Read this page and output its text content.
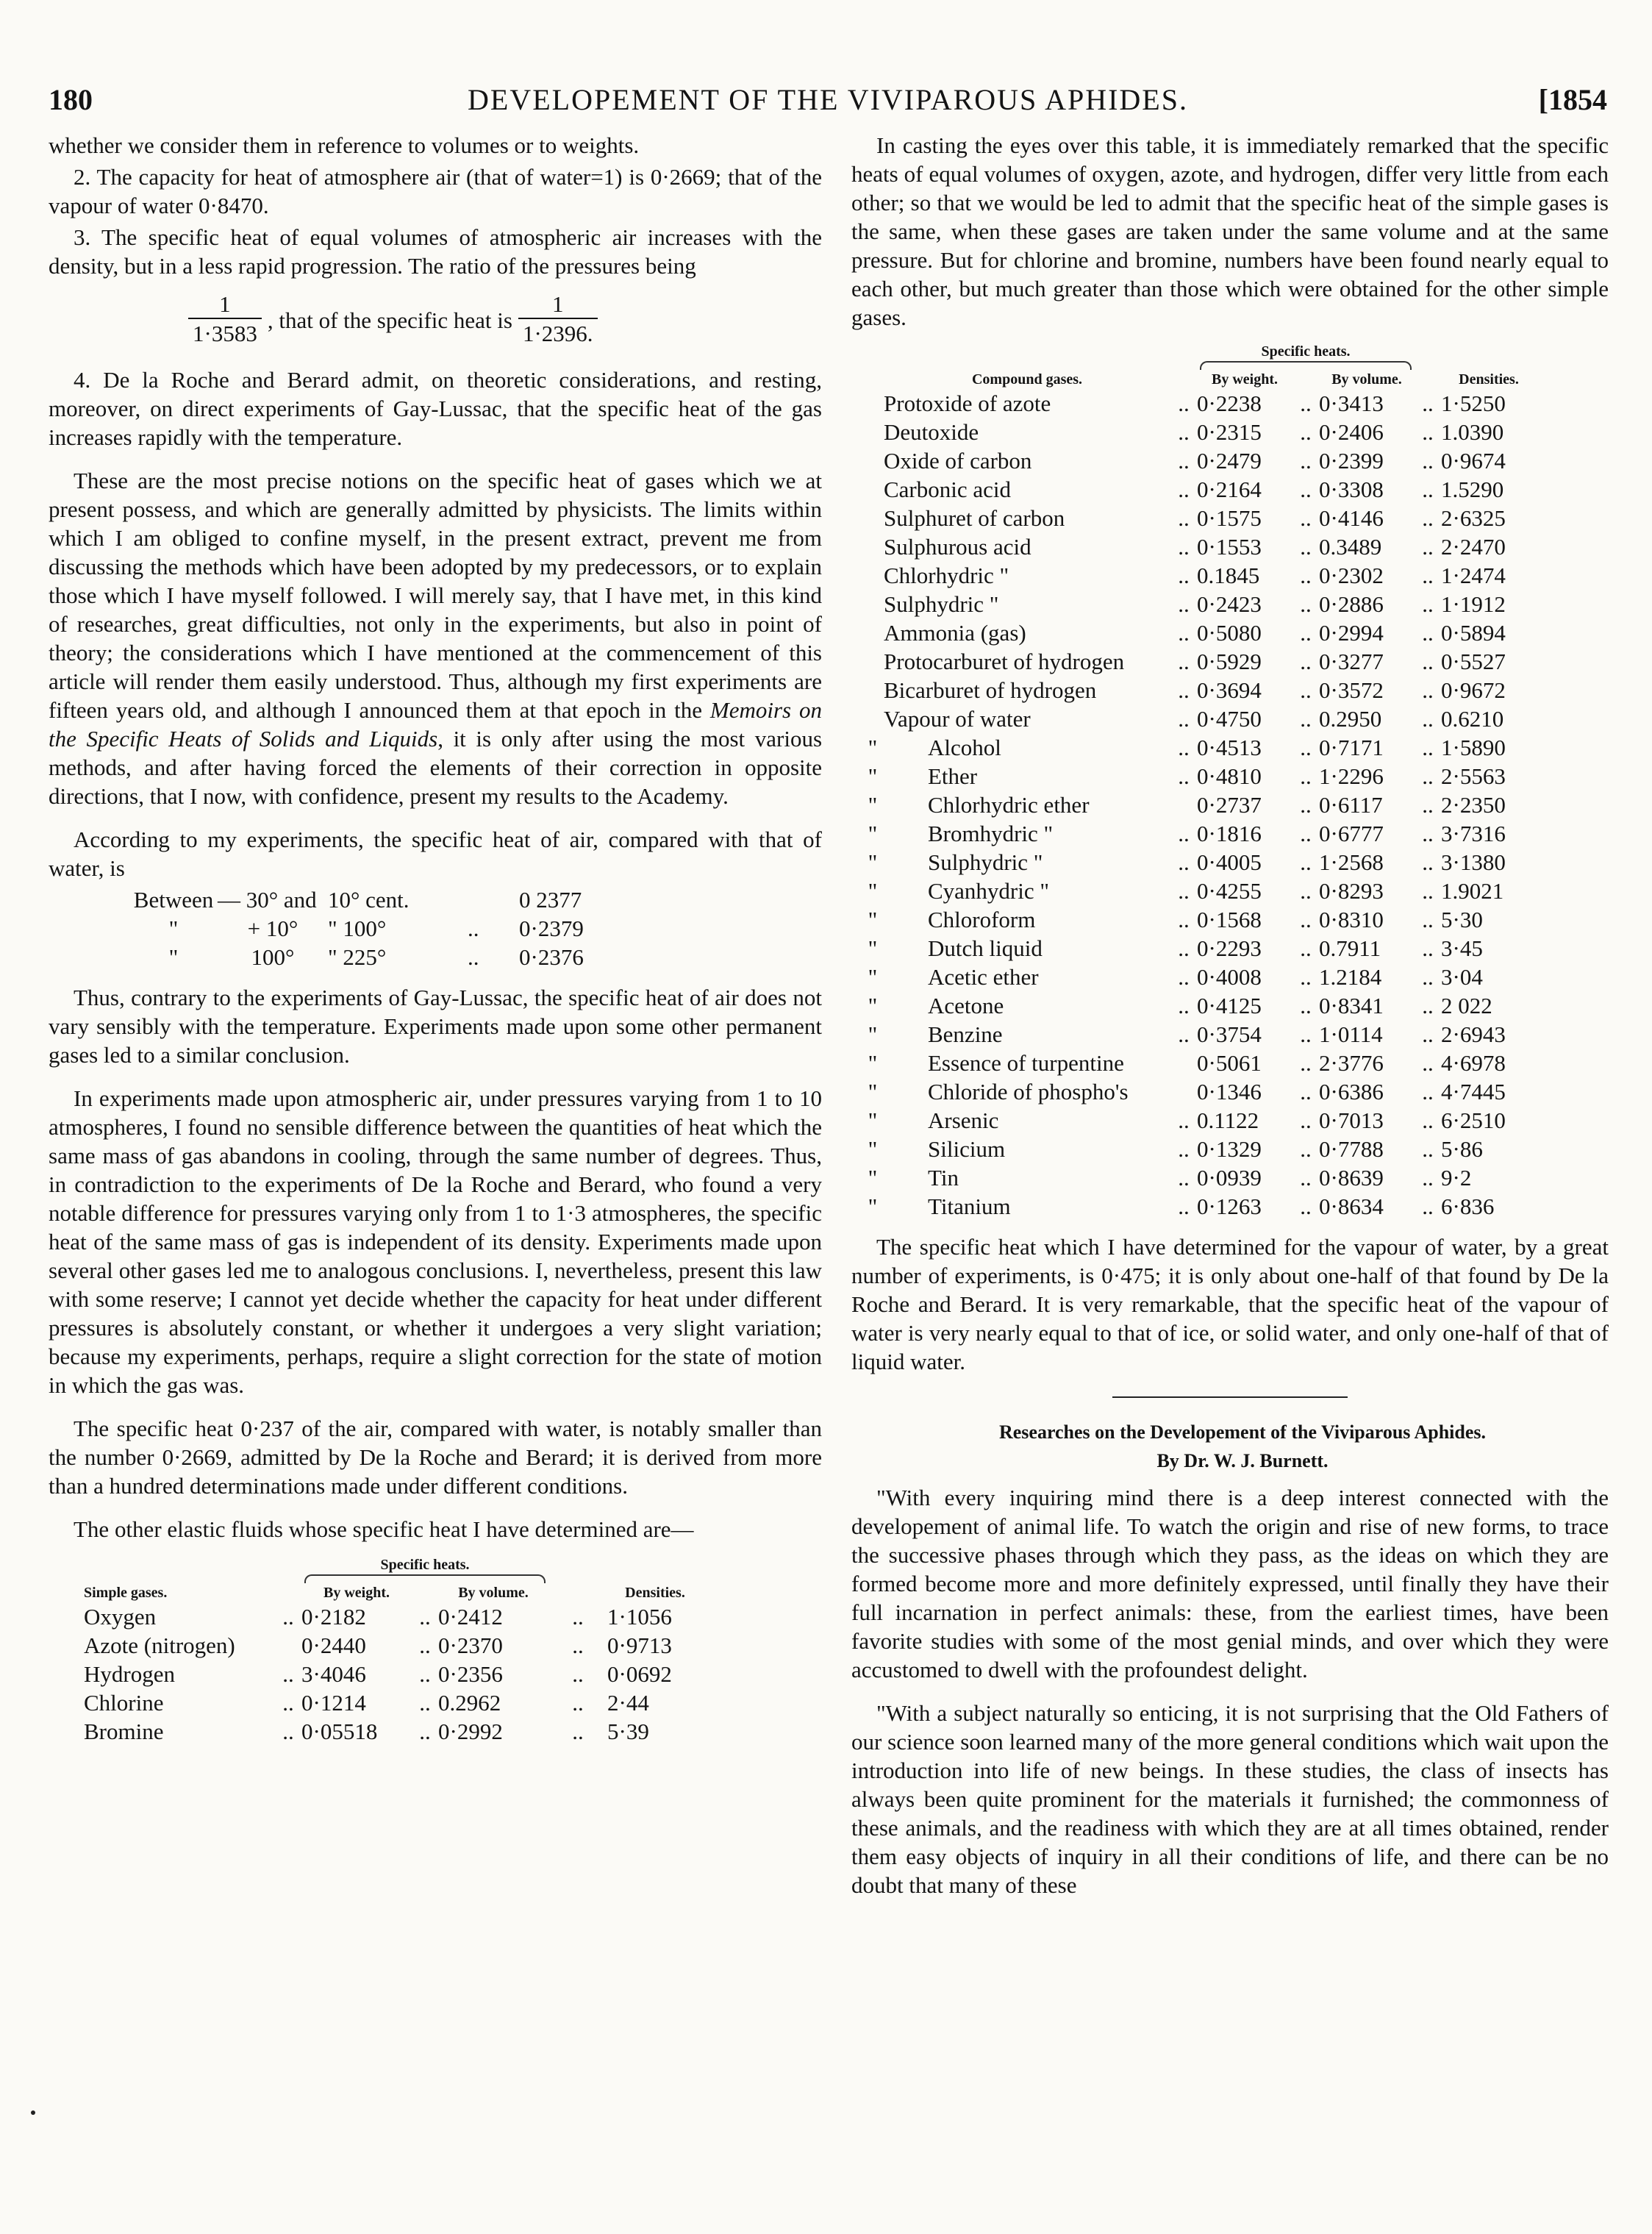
180	DEVELOPEMENT OF THE VIVIPAROUS APHIDES.	[1854

whether we consider them in reference to volumes or to weights.

2. The capacity for heat of atmosphere air (that of water=1) is 0·2669; that of the vapour of water 0·8470.

3. The specific heat of equal volumes of atmospheric air increases with the density, but in a less rapid progression. The ratio of the pressures being

$\frac{1}{1\cdot 3583}$ , that of the specific heat is $\frac{1}{1\cdot 2396.}$

4. De la Roche and Berard admit, on theoretic considerations, and resting, moreover, on direct experiments of Gay-Lussac, that the specific heat of the gas increases rapidly with the temperature.

These are the most precise notions on the specific heat of gases which we at present possess, and which are generally admitted by physicists. The limits within which I am obliged to confine myself, in the present extract, prevent me from discussing the methods which have been adopted by my predecessors, or to explain those which I have myself followed. I will merely say, that I have met, in this kind of researches, great difficulties, not only in the experiments, but also in point of theory; the considerations which I have mentioned at the commencement of this article will render them easily understood. Thus, although my first experiments are fifteen years old, and although I announced them at that epoch in the Memoirs on the Specific Heats of Solids and Liquids, it is only after using the most various methods, and after having forced the elements of their correction in opposite directions, that I now, with confidence, present my results to the Academy.

According to my experiments, the specific heat of air, compared with that of water, is

Between	— 30° and	10° cent.		0 2377
"	+ 10°	" 100°	..	0·2379
"	100°	" 225°	..	0·2376

Thus, contrary to the experiments of Gay-Lussac, the specific heat of air does not vary sensibly with the temperature. Experiments made upon some other permanent gases led to a similar conclusion.

In experiments made upon atmospheric air, under pressures varying from 1 to 10 atmospheres, I found no sensible difference between the quantities of heat which the same mass of gas abandons in cooling, through the same number of degrees. Thus, in contradiction to the experiments of De la Roche and Berard, who found a very notable difference for pressures varying only from 1 to 1·3 atmospheres, the specific heat of the same mass of gas is independent of its density. Experiments made upon several other gases led me to analogous conclusions. I, nevertheless, present this law with some reserve; I cannot yet decide whether the capacity for heat under different pressures is absolutely constant, or whether it undergoes a very slight variation; because my experiments, perhaps, require a slight correction for the state of motion in which the gas was.

The specific heat 0·237 of the air, compared with water, is notably smaller than the number 0·2669, admitted by De la Roche and Berard; it is derived from more than a hundred determinations made under different conditions.

The other elastic fluids whose specific heat I have determined are—

		Specific heats.				

Simple gases.		By weight.		By volume.		Densities.
Oxygen	..	0·2182	..	0·2412	..	1·1056
Azote (nitrogen)		0·2440	..	0·2370	..	0·9713
Hydrogen	..	3·4046	..	0·2356	..	0·0692
Chlorine	..	0·1214	..	0.2962	..	2·44
Bromine	..	0·05518	..	0·2992	..	5·39

In casting the eyes over this table, it is immediately remarked that the specific heats of equal volumes of oxygen, azote, and hydrogen, differ very little from each other; so that we would be led to admit that the specific heat of the simple gases is the same, when these gases are taken under the same volume and at the same pressure. But for chlorine and bromine, numbers have been found nearly equal to each other, but much greater than those which were obtained for the other simple gases.

			Specific heats.				

	Compound gases.		By weight.		By volume.		Densities.
	Protoxide of azote	..	0·2238	..	0·3413	..	1·5250
	Deutoxide	..	0·2315	..	0·2406	..	1.0390
	Oxide of carbon	..	0·2479	..	0·2399	..	0·9674
	Carbonic acid	..	0·2164	..	0·3308	..	1.5290
	Sulphuret of carbon	..	0·1575	..	0·4146	..	2·6325
	Sulphurous acid	..	0·1553	..	0.3489	..	2·2470
	Chlorhydric "	..	0.1845	..	0·2302	..	1·2474
	Sulphydric "	..	0·2423	..	0·2886	..	1·1912
	Ammonia (gas)	..	0·5080	..	0·2994	..	0·5894
	Protocarburet of hydrogen	..	0·5929	..	0·3277	..	0·5527
	Bicarburet of hydrogen	..	0·3694	..	0·3572	..	0·9672
	Vapour of water	..	0·4750	..	0.2950	..	0.6210
"	Alcohol	..	0·4513	..	0·7171	..	1·5890
"	Ether	..	0·4810	..	1·2296	..	2·5563
"	Chlorhydric ether		0·2737	..	0·6117	..	2·2350
"	Bromhydric "	..	0·1816	..	0·6777	..	3·7316
"	Sulphydric "	..	0·4005	..	1·2568	..	3·1380
"	Cyanhydric "	..	0·4255	..	0·8293	..	1.9021
"	Chloroform	..	0·1568	..	0·8310	..	5·30
"	Dutch liquid	..	0·2293	..	0.7911	..	3·45
"	Acetic ether	..	0·4008	..	1.2184	..	3·04
"	Acetone	..	0·4125	..	0·8341	..	2 022
"	Benzine	..	0·3754	..	1·0114	..	2·6943
"	Essence of turpentine		0·5061	..	2·3776	..	4·6978
"	Chloride of phospho's		0·1346	..	0·6386	..	4·7445
"	Arsenic	..	0.1122	..	0·7013	..	6·2510
"	Silicium	..	0·1329	..	0·7788	..	5·86
"	Tin	..	0·0939	..	0·8639	..	9·2
"	Titanium	..	0·1263	..	0·8634	..	6·836

The specific heat which I have determined for the vapour of water, by a great number of experiments, is 0·475; it is only about one-half of that found by De la Roche and Berard. It is very remarkable, that the specific heat of the vapour of water is very nearly equal to that of ice, or solid water, and only one-half of that of liquid water.

Researches on the Developement of the Viviparous Aphides.

By Dr. W. J. Burnett.

"With every inquiring mind there is a deep interest connected with the developement of animal life. To watch the origin and rise of new forms, to trace the successive phases through which they pass, as the ideas on which they are formed become more and more definitely expressed, until finally they have their full incarnation in perfect animals: these, from the earliest times, have been favorite studies with some of the most genial minds, and over which they were accustomed to dwell with the profoundest delight.

"With a subject naturally so enticing, it is not surprising that the Old Fathers of our science soon learned many of the more general conditions which wait upon the introduction into life of new beings. In these studies, the class of insects has always been quite prominent for the materials it furnished; the commonness of these animals, and the readiness with which they are at all times obtained, render them easy objects of inquiry in all their conditions of life, and there can be no doubt that many of these
